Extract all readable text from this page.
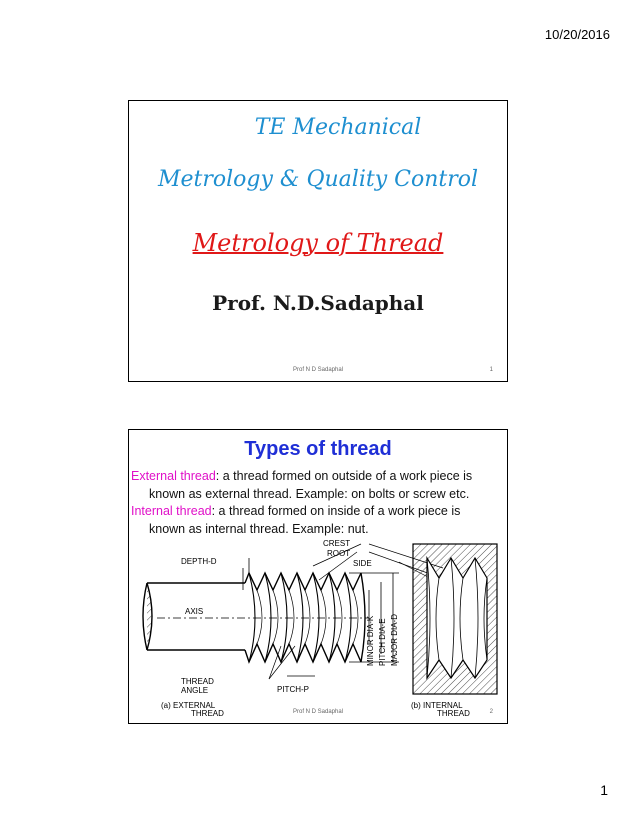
10/20/2016
TE Mechanical
Metrology & Quality Control
Metrology of Thread
Prof. N.D.Sadaphal
Prof N D Sadaphal	1
Types of thread
External thread: a thread formed on outside of a work piece is
known as external thread. Example: on bolts or screw etc.
Internal thread: a thread formed on inside of a work piece is
known as internal thread. Example: nut.
CREST
ROOT
SIDE
DEPTH-D
AXIS
THREAD
ANGLE	PITCH-P
(a) EXTERNAL
THREAD
(b) INTERNAL
THREAD
MINOR DIA-K PITCH DIA-E MAJOR DIA-D
Prof N D Sadaphal	2
1
